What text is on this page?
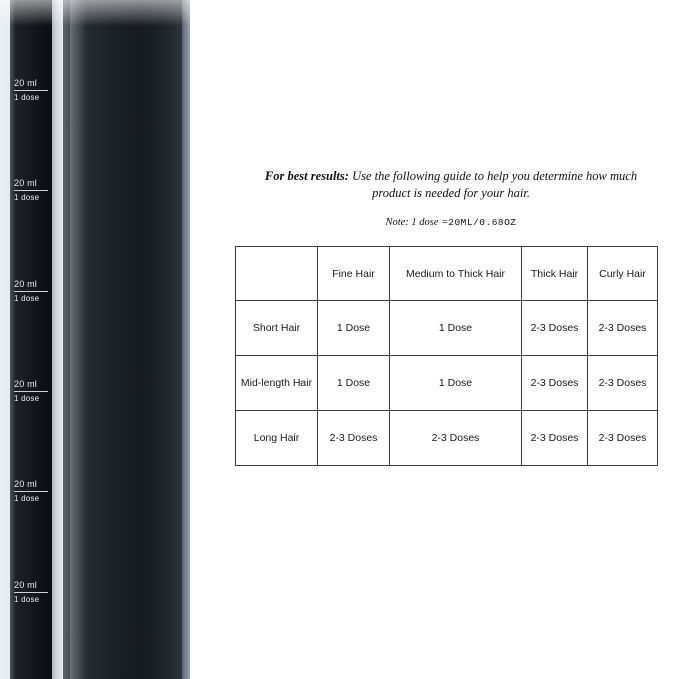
20 ml
1 dose
20 ml
1 dose
20 ml
1 dose
20 ml
1 dose
20 ml
1 dose
20 ml
1 dose
For best results: Use the following guide to help you determine how much product is needed for your hair.
Note: 1 dose =20ML/0.68OZ
	Fine Hair	Medium to Thick Hair	Thick Hair	Curly Hair
Short Hair	1 Dose	1 Dose	2-3 Doses	2-3 Doses
Mid-length Hair	1 Dose	1 Dose	2-3 Doses	2-3 Doses
Long Hair	2-3 Doses	2-3 Doses	2-3 Doses	2-3 Doses
